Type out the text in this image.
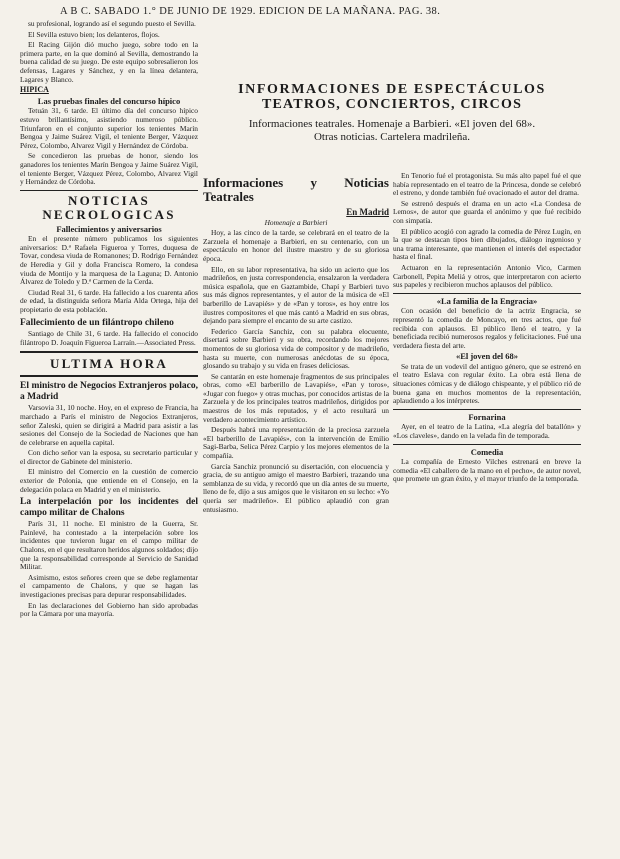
A B C. SABADO 1.° DE JUNIO DE 1929. EDICION DE LA MAÑANA. PAG. 38.
INFORMACIONES DE ESPECTÁCULOS
TEATROS, CONCIERTOS, CIRCOS
Informaciones teatrales. Homenaje a Barbieri. «El joven del 68».
Otras noticias. Cartelera madrileña.

su profesional, logrando así el segundo puesto el Sevilla.

El Sevilla estuvo bien; los delanteros, flojos.

El Racing Gijón dió mucho juego, sobre todo en la primera parte, en la que dominó al Sevilla, demostrando la buena calidad de su juego. De este equipo sobresalieron los defensas, Lagares y Sánchez, y en la línea delantera, Lagares y Blanco.

HIPICA
Las pruebas finales del concurso hípico

Tetuán 31, 6 tarde. El último día del concurso hípico estuvo brillantísimo, asistiendo numeroso público. Triunfaron en el conjunto superior los tenientes Marín Bengoa y Jaime Suárez Vigil, el teniente Berger, Vázquez Pérez, Colombo, Alvarez Vigil y Hernández de Córdoba.

Se concedieron las pruebas de honor, siendo los ganadores los tenientes Marín Bengoa y Jaime Suárez Vigil, el teniente Berger, Vázquez Pérez, Colombo, Alvarez Vigil y Hernández de Córdoba.

NOTICIAS NECROLOGICAS
Fallecimientos y aniversarios

En el presente número publicamos los siguientes aniversarios: D.ª Rafaela Figueroa y Torres, duquesa de Tovar, condesa viuda de Romanones; D. Rodrigo Fernández de Heredia y Gil y doña Francisca Romero, la condesa viuda de Montijo y la marquesa de la Laguna; D. Antonio Álvarez de Toledo y D.ª Carmen de la Cerda.

Ciudad Real 31, 6 tarde. Ha fallecido a los cuarenta años de edad, la distinguida señora María Alda Ortega, hija del propietario de esta población.

Fallecimiento de un filántropo chileno

Santiago de Chile 31, 6 tarde. Ha fallecido el conocido filántropo D. Joaquín Figueroa Larraín.—Associated Press.

ULTIMA HORA
El ministro de Negocios Extranjeros polaco, a Madrid

Varsovia 31, 10 noche. Hoy, en el expreso de Francia, ha marchado a París el ministro de Negocios Extranjeros, señor Zaleski, quien se dirigirá a Madrid para asistir a las sesiones del Consejo de la Sociedad de Naciones que han de celebrarse en aquella capital.

Con dicho señor van la esposa, su secretario particular y el director de Gabinete del ministerio.

El ministro del Comercio en la cuestión de comercio exterior de Polonia, que entiende en el Consejo, en la delegación polaca en Madrid y en el ministerio.

La interpelación por los incidentes del campo militar de Chalons

París 31, 11 noche. El ministro de la Guerra, Sr. Painlevé, ha contestado a la interpelación sobre los incidentes que tuvieron lugar en el campo militar de Chalons, en el que resultaron heridos algunos soldados; dijo que la responsabilidad corresponde al Servicio de Sanidad Militar.

Asimismo, estos señores creen que se debe reglamentar el campamento de Chalons, y que se hagan las investigaciones precisas para depurar responsabilidades.

En las declaraciones del Gobierno han sido aprobadas por la Cámara por una mayoría.

Informaciones y Noticias Teatrales
En Madrid
Homenaje a Barbieri

Hoy, a las cinco de la tarde, se celebrará en el teatro de la Zarzuela el homenaje a Barbieri, en su centenario, con un espectáculo en honor del ilustre maestro y de su gloriosa época.

Ello, en su labor representativa, ha sido un acierto que los madrileños, en justa correspondencia, ensalzaron la verdadera música española, que en Gaztambide, Chapí y Barbieri tuvo sus más dignos representantes, y el autor de la música de «El barberillo de Lavapiés» y de «Pan y toros», es hoy entre los ilustres compositores el que más cantó a Madrid en sus obras, dejando para siempre el encanto de su arte castizo.

Federico García Sanchiz, con su palabra elocuente, disertará sobre Barbieri y su obra, recordando los mejores momentos de su gloriosa vida de compositor y de madrileño, hasta su muerte, con numerosas anécdotas de su época, glosando su trabajo y su vida en frases deliciosas.

Se cantarán en este homenaje fragmentos de sus principales obras, como «El barberillo de Lavapiés», «Pan y toros», «Jugar con fuego» y otras muchas, por conocidos artistas de la Zarzuela y de los principales teatros madrileños, dirigidos por maestros de los más reputados, y el acto resultará un verdadero acontecimiento artístico.

Después habrá una representación de la preciosa zarzuela «El barberillo de Lavapiés», con la intervención de Emilio Sagi-Barba, Selica Pérez Carpio y los mejores elementos de la compañía.

García Sanchiz pronunció su disertación, con elocuencia y gracia, de su antiguo amigo el maestro Barbieri, trazando una semblanza de su vida, y recordó que un día antes de su muerte, lleno de fe, dijo a sus amigos que le visitaron en su lecho: «Yo quería ser madrileño». El público aplaudió con gran entusiasmo.

En Tenorio fué el protagonista. Su más alto papel fué el que había representado en el teatro de la Princesa, donde se celebró el estreno, y donde también fué ovacionado el autor del drama.

Se estrenó después el drama en un acto «La Condesa de Lemos», de autor que guarda el anónimo y que fué recibido con simpatía.

El público acogió con agrado la comedia de Pérez Lugín, en la que se destacan tipos bien dibujados, diálogo ingenioso y una trama interesante, que mantienen el interés del espectador hasta el final.

Actuaron en la representación Antonio Vico, Carmen Carbonell, Pepita Meliá y otros, que interpretaron con acierto sus papeles y recibieron muchos aplausos del público.

«La familia de la Engracia»

Con ocasión del beneficio de la actriz Engracia, se representó la comedia de Moncayo, en tres actos, que fué recibida con aplausos. El público llenó el teatro, y la beneficiada recibió numerosos regalos y felicitaciones. Fué una verdadera fiesta del arte.

«El joven del 68»

Se trata de un vodevil del antiguo género, que se estrenó en el teatro Eslava con regular éxito. La obra está llena de situaciones cómicas y de diálogo chispeante, y el público rió de buena gana en muchos momentos de la representación, aplaudiendo a los intérpretes.

Fornarina

Ayer, en el teatro de la Latina, «La alegría del batallón» y «Los claveles», dando en la velada fin de temporada.

Comedia

La compañía de Ernesto Vilches estrenará en breve la comedia «El caballero de la mano en el pecho», de autor novel, que promete un gran éxito, y el mayor triunfo de la temporada.
